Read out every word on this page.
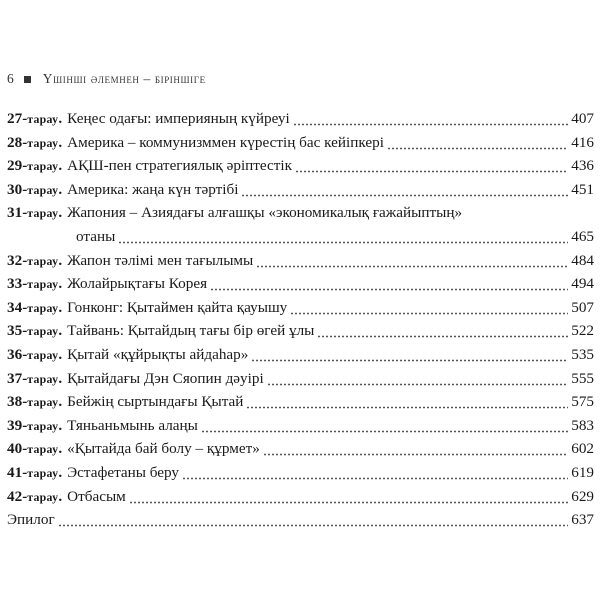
6 Үшінші әлемнен – біріншіге
27 - тарау . Кеңес одағы: империяның күйреуі	407
28 - тарау . Америка – коммунизммен күрестің бас кейіпкері	416
29 - тарау . АҚШ-пен стратегиялық әріптестік	436
30 - тарау . Америка: жаңа күн тәртібі	451
31 - тарау . Жапония – Азиядағы алғашқы «экономикалық ғажайыптың»
отаны	465
32 - тарау . Жапон тәлімі мен тағылымы	484
33 - тарау . Жолайрықтағы Корея	494
34 - тарау . Гонконг: Қытаймен қайта қауышу	507
35 - тарау . Тайвань: Қытайдың тағы бір өгей ұлы	522
36 - тарау . Қытай «құйрықты айдаһар»	535
37 - тарау . Қытайдағы Дэн Сяопин дәуірі	555
38 - тарау . Бейжің сыртындағы Қытай	575
39 - тарау . Тяньаньмынь алаңы	583
40 - тарау . «Қытайда бай болу – құрмет»	602
41 - тарау . Эстафетаны беру	619
42 - тарау . Отбасым	629
Эпилог	637
